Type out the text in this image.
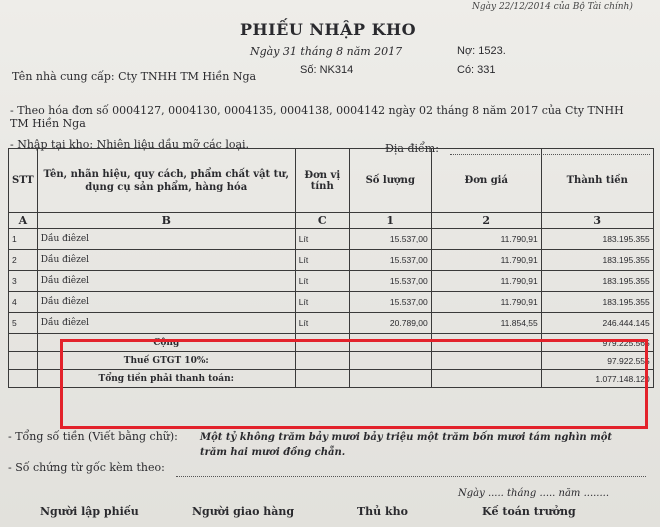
Ngày 22/12/2014 của Bộ Tài chính)
PHIẾU NHẬP KHO
Ngày 31 tháng 8 năm 2017	Nợ: 1523.
Số: NK314	Có: 331
Tên nhà cung cấp: Cty TNHH TM Hiền Nga
- Theo hóa đơn số 0004127, 0004130, 0004135, 0004138, 0004142 ngày 02 tháng 8 năm 2017 của Cty TNHH
TM Hiền Nga
- Nhập tại kho: Nhiên liệu dầu mỡ các loại.	Địa điểm:
STT	Tên, nhãn hiệu, quy cách, phẩm chất vật tư, dụng cụ sản phẩm, hàng hóa	Đơn vị tính	Số lượng	Đơn giá	Thành tiền
A	B	C	1	2	3
1	Dầu điêzel	Lít	15.537,00	11.790,91	183.195.355
2	Dầu điêzel	Lít	15.537,00	11.790,91	183.195.355
3	Dầu điêzel	Lít	15.537,00	11.790,91	183.195.355
4	Dầu điêzel	Lít	15.537,00	11.790,91	183.195.355
5	Dầu điêzel	Lít	20.789,00	11.854,55	246.444.145
	Cộng				979.225.565
	Thuế GTGT 10%:				97.922.555
	Tổng tiền phải thanh toán:				1.077.148.120
- Tổng số tiền (Viết bằng chữ): Một tỷ không trăm bảy mươi bảy triệu một trăm bốn mươi tám nghìn một trăm hai mươi đồng chẵn.
- Số chứng từ gốc kèm theo:
Ngày ..... tháng ..... năm ........
Người lập phiếu	Người giao hàng	Thủ kho	Kế toán trưởng
